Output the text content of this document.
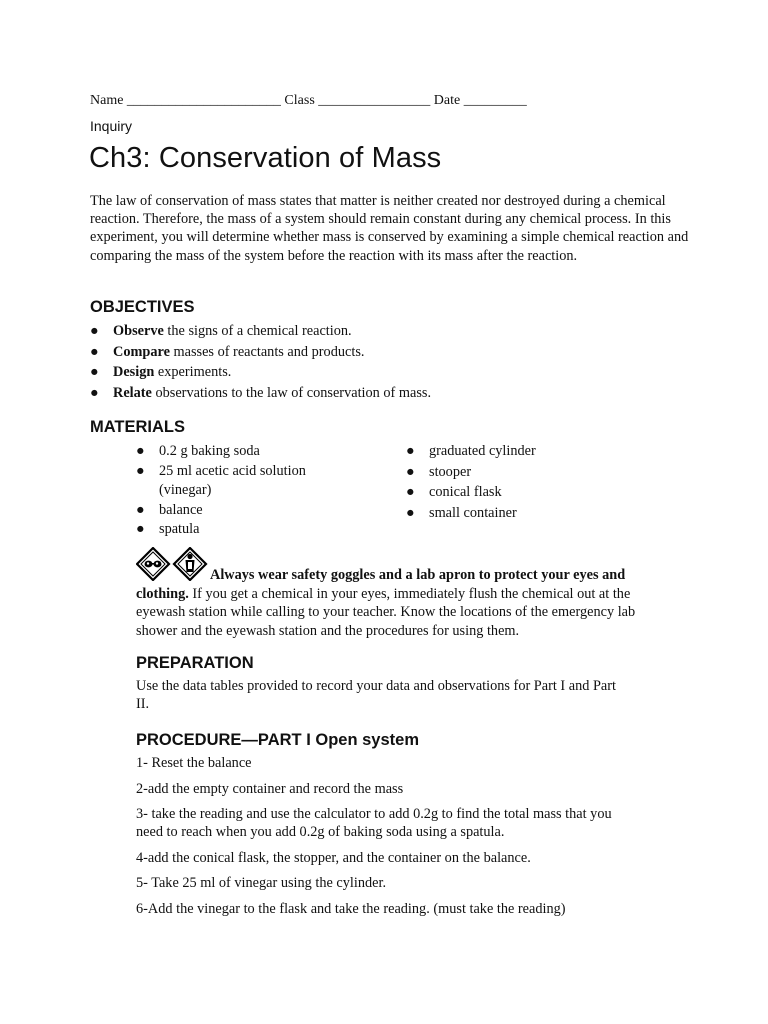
Name ______________________ Class ________________ Date _________
Inquiry
Ch3: Conservation of Mass

The law of conservation of mass states that matter is neither created nor destroyed during a chemical reaction. Therefore, the mass of a system should remain constant during any chemical process. In this experiment, you will determine whether mass is conserved by examining a simple chemical reaction and comparing the mass of the system before the reaction with its mass after the reaction.

OBJECTIVES
● Observe the signs of a chemical reaction.
● Compare masses of reactants and products.
● Design experiments.
● Relate observations to the law of conservation of mass.
MATERIALS
● 0.2 g baking soda
● 25 ml acetic acid solution (vinegar)
● balance
● spatula
● graduated cylinder
● stooper
● conical flask
● small container

Always wear safety goggles and a lab apron to protect your eyes and clothing. If you get a chemical in your eyes, immediately flush the chemical out at the eyewash station while calling to your teacher. Know the locations of the emergency lab shower and the eyewash station and the procedures for using them.

PREPARATION

Use the data tables provided to record your data and observations for Part I and Part II.

PROCEDURE—PART I Open system

1- Reset the balance

2-add the empty container and record the mass

3- take the reading and use the calculator to add 0.2g to find the total mass that you need to reach when you add 0.2g of baking soda using a spatula.

4-add the conical flask, the stopper, and the container on the balance.

5- Take 25 ml of vinegar using the cylinder.

6-Add the vinegar to the flask and take the reading. (must take the reading)
